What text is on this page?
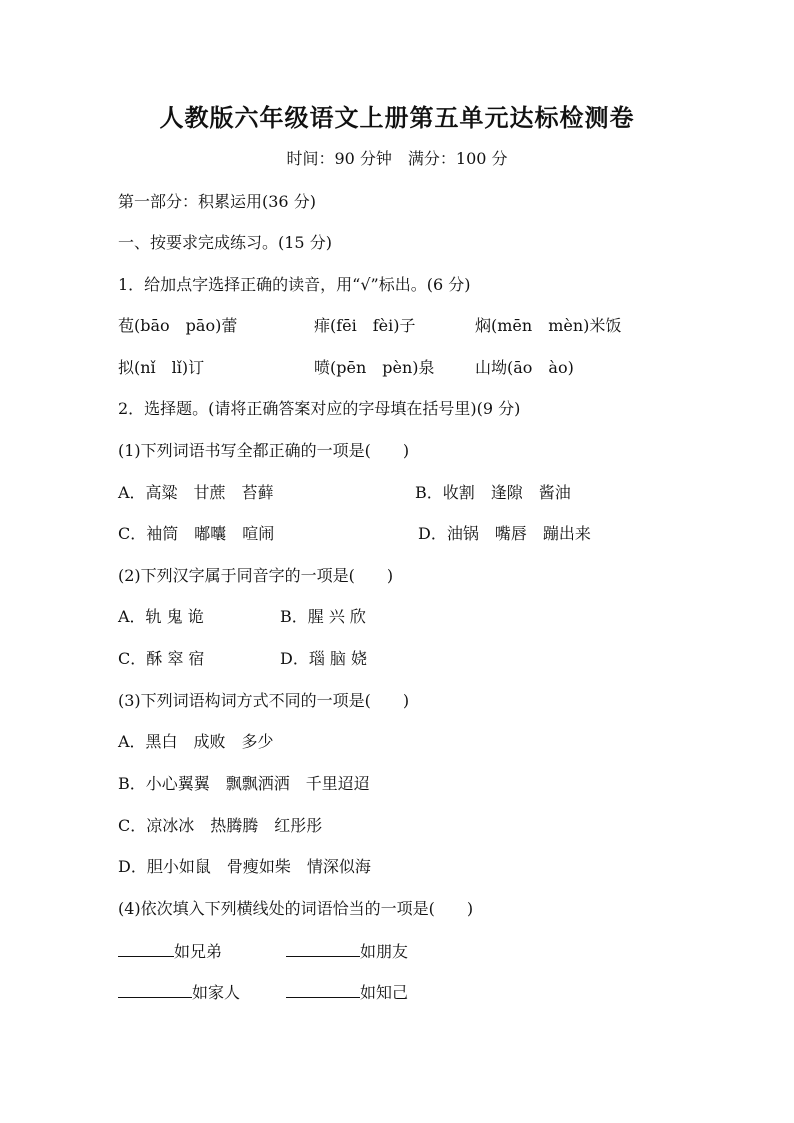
人教版六年级语文上册第五单元达标检测卷
时间：90 分钟　满分：100 分
第一部分：积累运用(36 分)
一、按要求完成练习。(15 分)
1．给加点字选择正确的读音，用“√”标出。(6 分)
苞(bāo　pāo)蕾	痱(fēi　fèi)子	焖(mēn　mèn)米饭
拟(nǐ　lǐ)订	喷(pēn　pèn)泉	山坳(āo　ào)
2．选择题。(请将正确答案对应的字母填在括号里)(9 分)
(1)下列词语书写全都正确的一项是(　　)
A．高粱　甘蔗　苔藓	B．收割　逢隙　酱油
C．袖筒　嘟囔　喧闹	D．油锅　嘴唇　蹦出来
(2)下列汉字属于同音字的一项是(　　)
A．轨 鬼 诡	B．腥 兴 欣
C．酥 窣 宿	D．瑙 脑 娆
(3)下列词语构词方式不同的一项是(　　)
A．黑白　成败　多少
B．小心翼翼　飘飘洒洒　千里迢迢
C．凉冰冰　热腾腾　红彤彤
D．胆小如鼠　骨瘦如柴　情深似海
(4)依次填入下列横线处的词语恰当的一项是(　　)
如兄弟	如朋友
如家人	如知己
